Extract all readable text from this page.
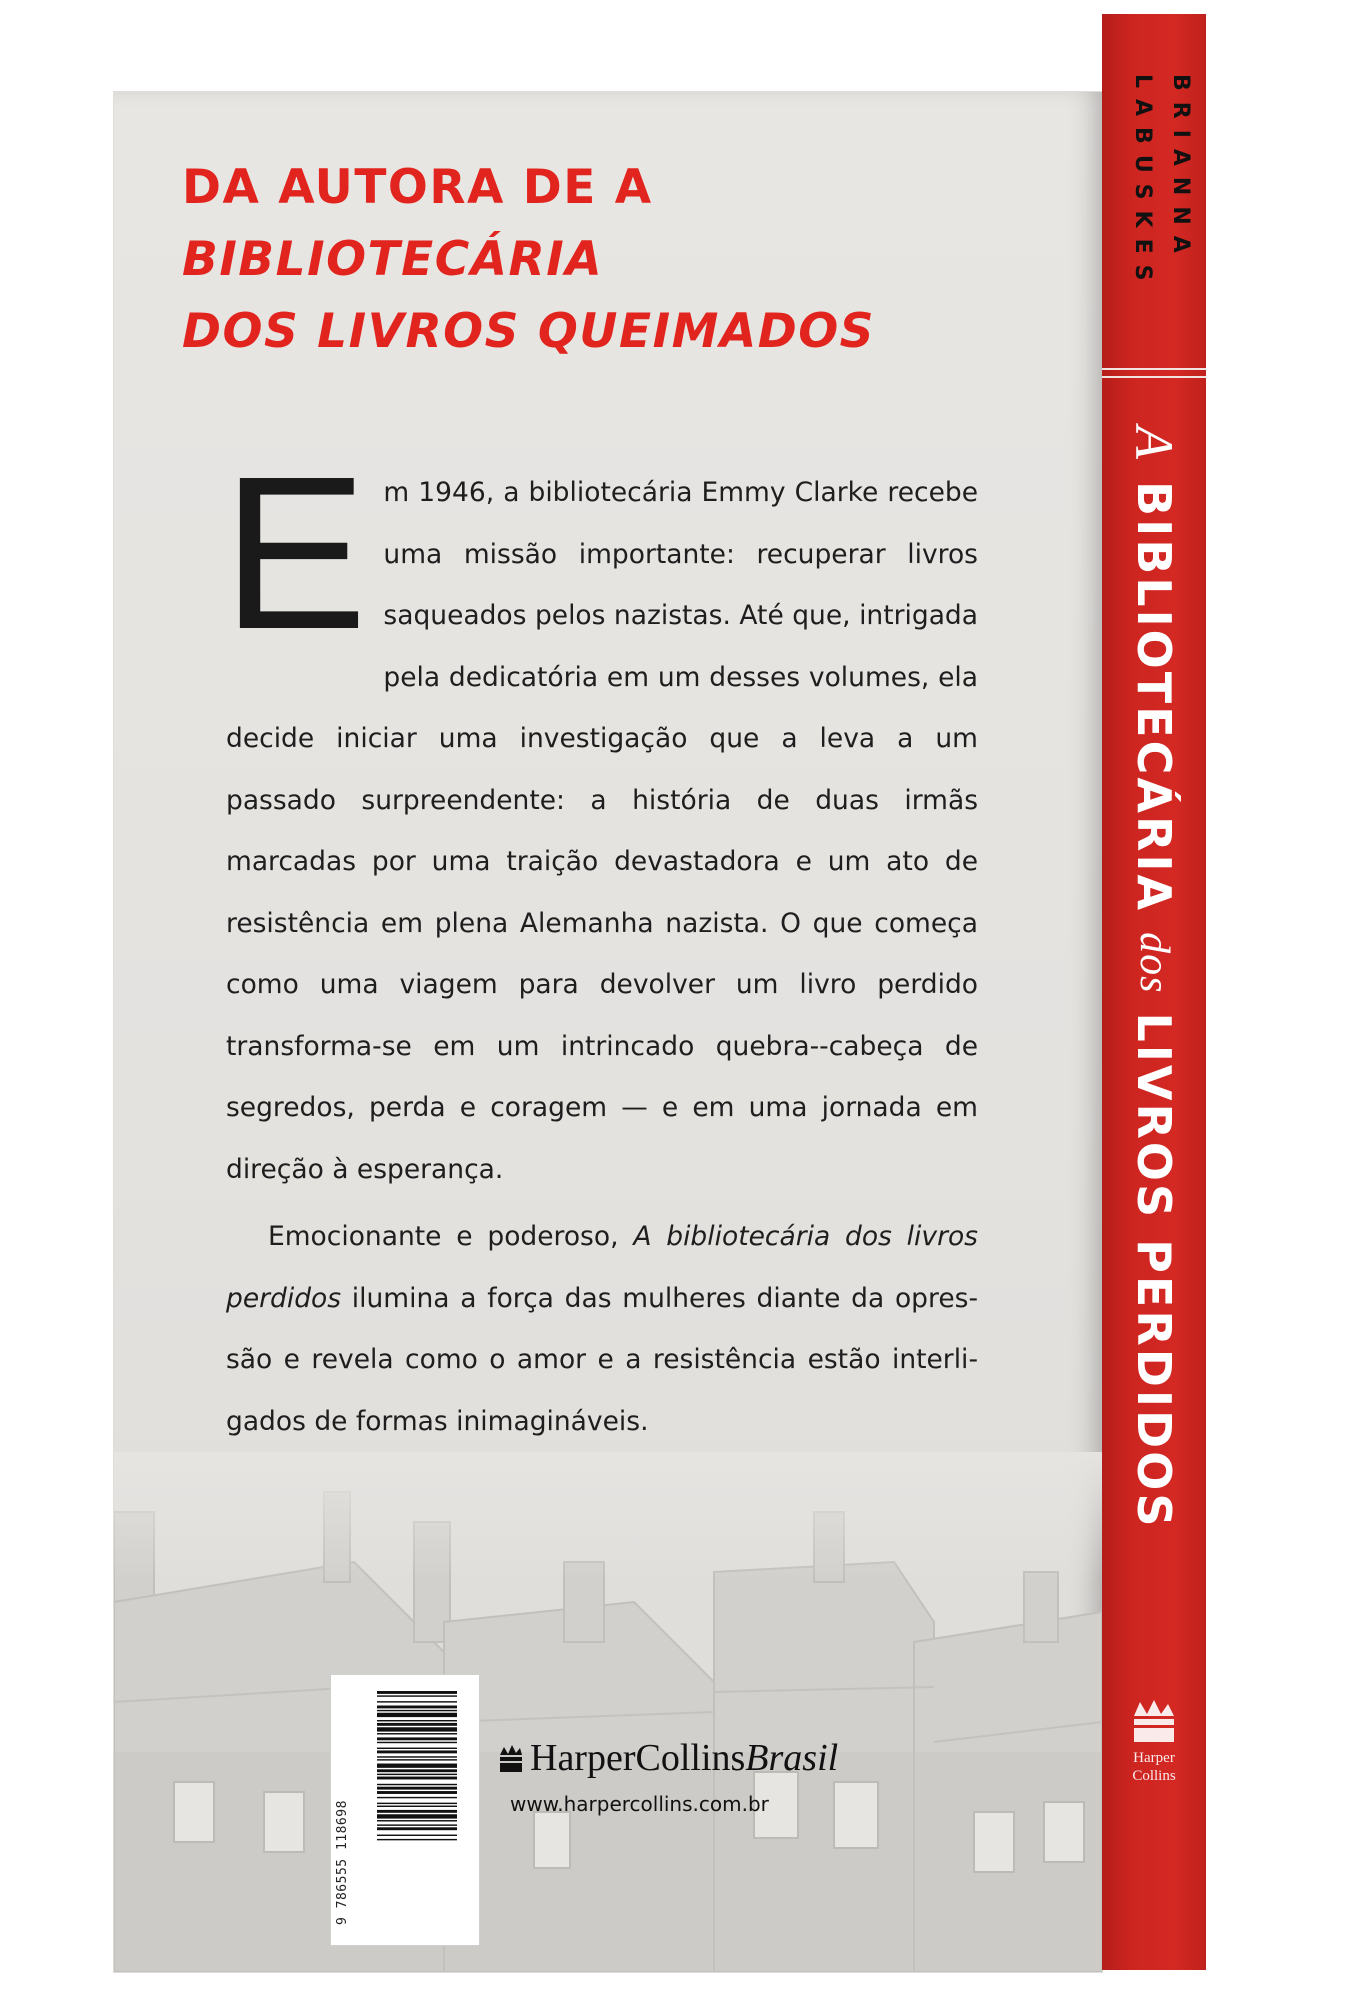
DA AUTORA DE A BIBLIOTECÁRIA
DOS LIVROS QUEIMADOS

Em 1946, a bibliotecária Emmy Clarke recebe uma missão importante: recuperar livros saqueados pelos nazistas. Até que, intrigada pela dedicatória em um desses volumes, ela decide iniciar uma investigação que a leva a um passado surpreendente: a história de duas irmãs marcadas por uma traição devastadora e um ato de resistência em plena Alemanha nazista. O que começa como uma viagem para devolver um livro perdido transforma-se em um intrincado quebra-⁠-cabeça de segredos, perda e coragem — e em uma jornada em direção à esperança.

Emocionante e poderoso, A bibliotecária dos livros perdidos ilumina a força das mulheres diante da opressão e revela como o amor e a resistência estão interligados de formas inimagináveis.

9 786555 118698
HarperCollinsBrasil
www.harpercollins.com.br
BRIANNA
LABUSKES
A BIBLIOTECÁRIA dos LIVROS PERDIDOS
Harper
Collins
